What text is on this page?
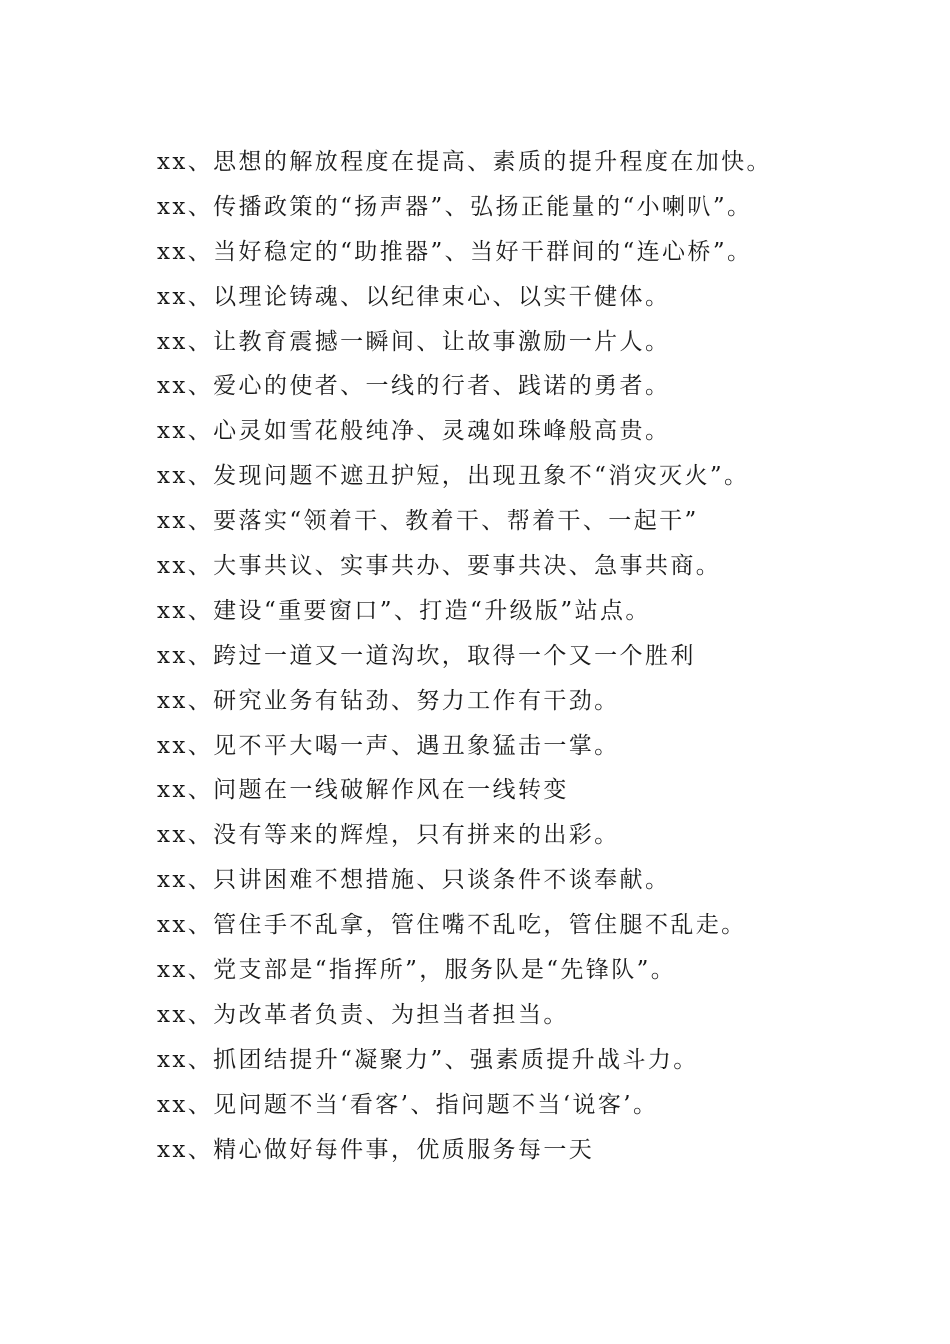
xx、思想的解放程度在提高、素质的提升程度在加快。
xx、传播政策的“扬声器”、弘扬正能量的“小喇叭”。
xx、当好稳定的“助推器”、当好干群间的“连心桥”。
xx、以理论铸魂、以纪律束心、以实干健体。
xx、让教育震撼一瞬间、让故事激励一片人。
xx、爱心的使者、一线的行者、践诺的勇者。
xx、心灵如雪花般纯净、灵魂如珠峰般高贵。
xx、发现问题不遮丑护短，出现丑象不“消灾灭火”。
xx、要落实“领着干、教着干、帮着干、一起干”
xx、大事共议、实事共办、要事共决、急事共商。
xx、建设“重要窗口”、打造“升级版”站点。
xx、跨过一道又一道沟坎，取得一个又一个胜利
xx、研究业务有钻劲、努力工作有干劲。
xx、见不平大喝一声、遇丑象猛击一掌。
xx、问题在一线破解作风在一线转变
xx、没有等来的辉煌，只有拼来的出彩。
xx、只讲困难不想措施、只谈条件不谈奉献。
xx、管住手不乱拿，管住嘴不乱吃，管住腿不乱走。
xx、党支部是“指挥所”，服务队是“先锋队”。
xx、为改革者负责、为担当者担当。
xx、抓团结提升“凝聚力”、强素质提升战斗力。
xx、见问题不当‘看客’、指问题不当‘说客’。
xx、精心做好每件事，优质服务每一天
